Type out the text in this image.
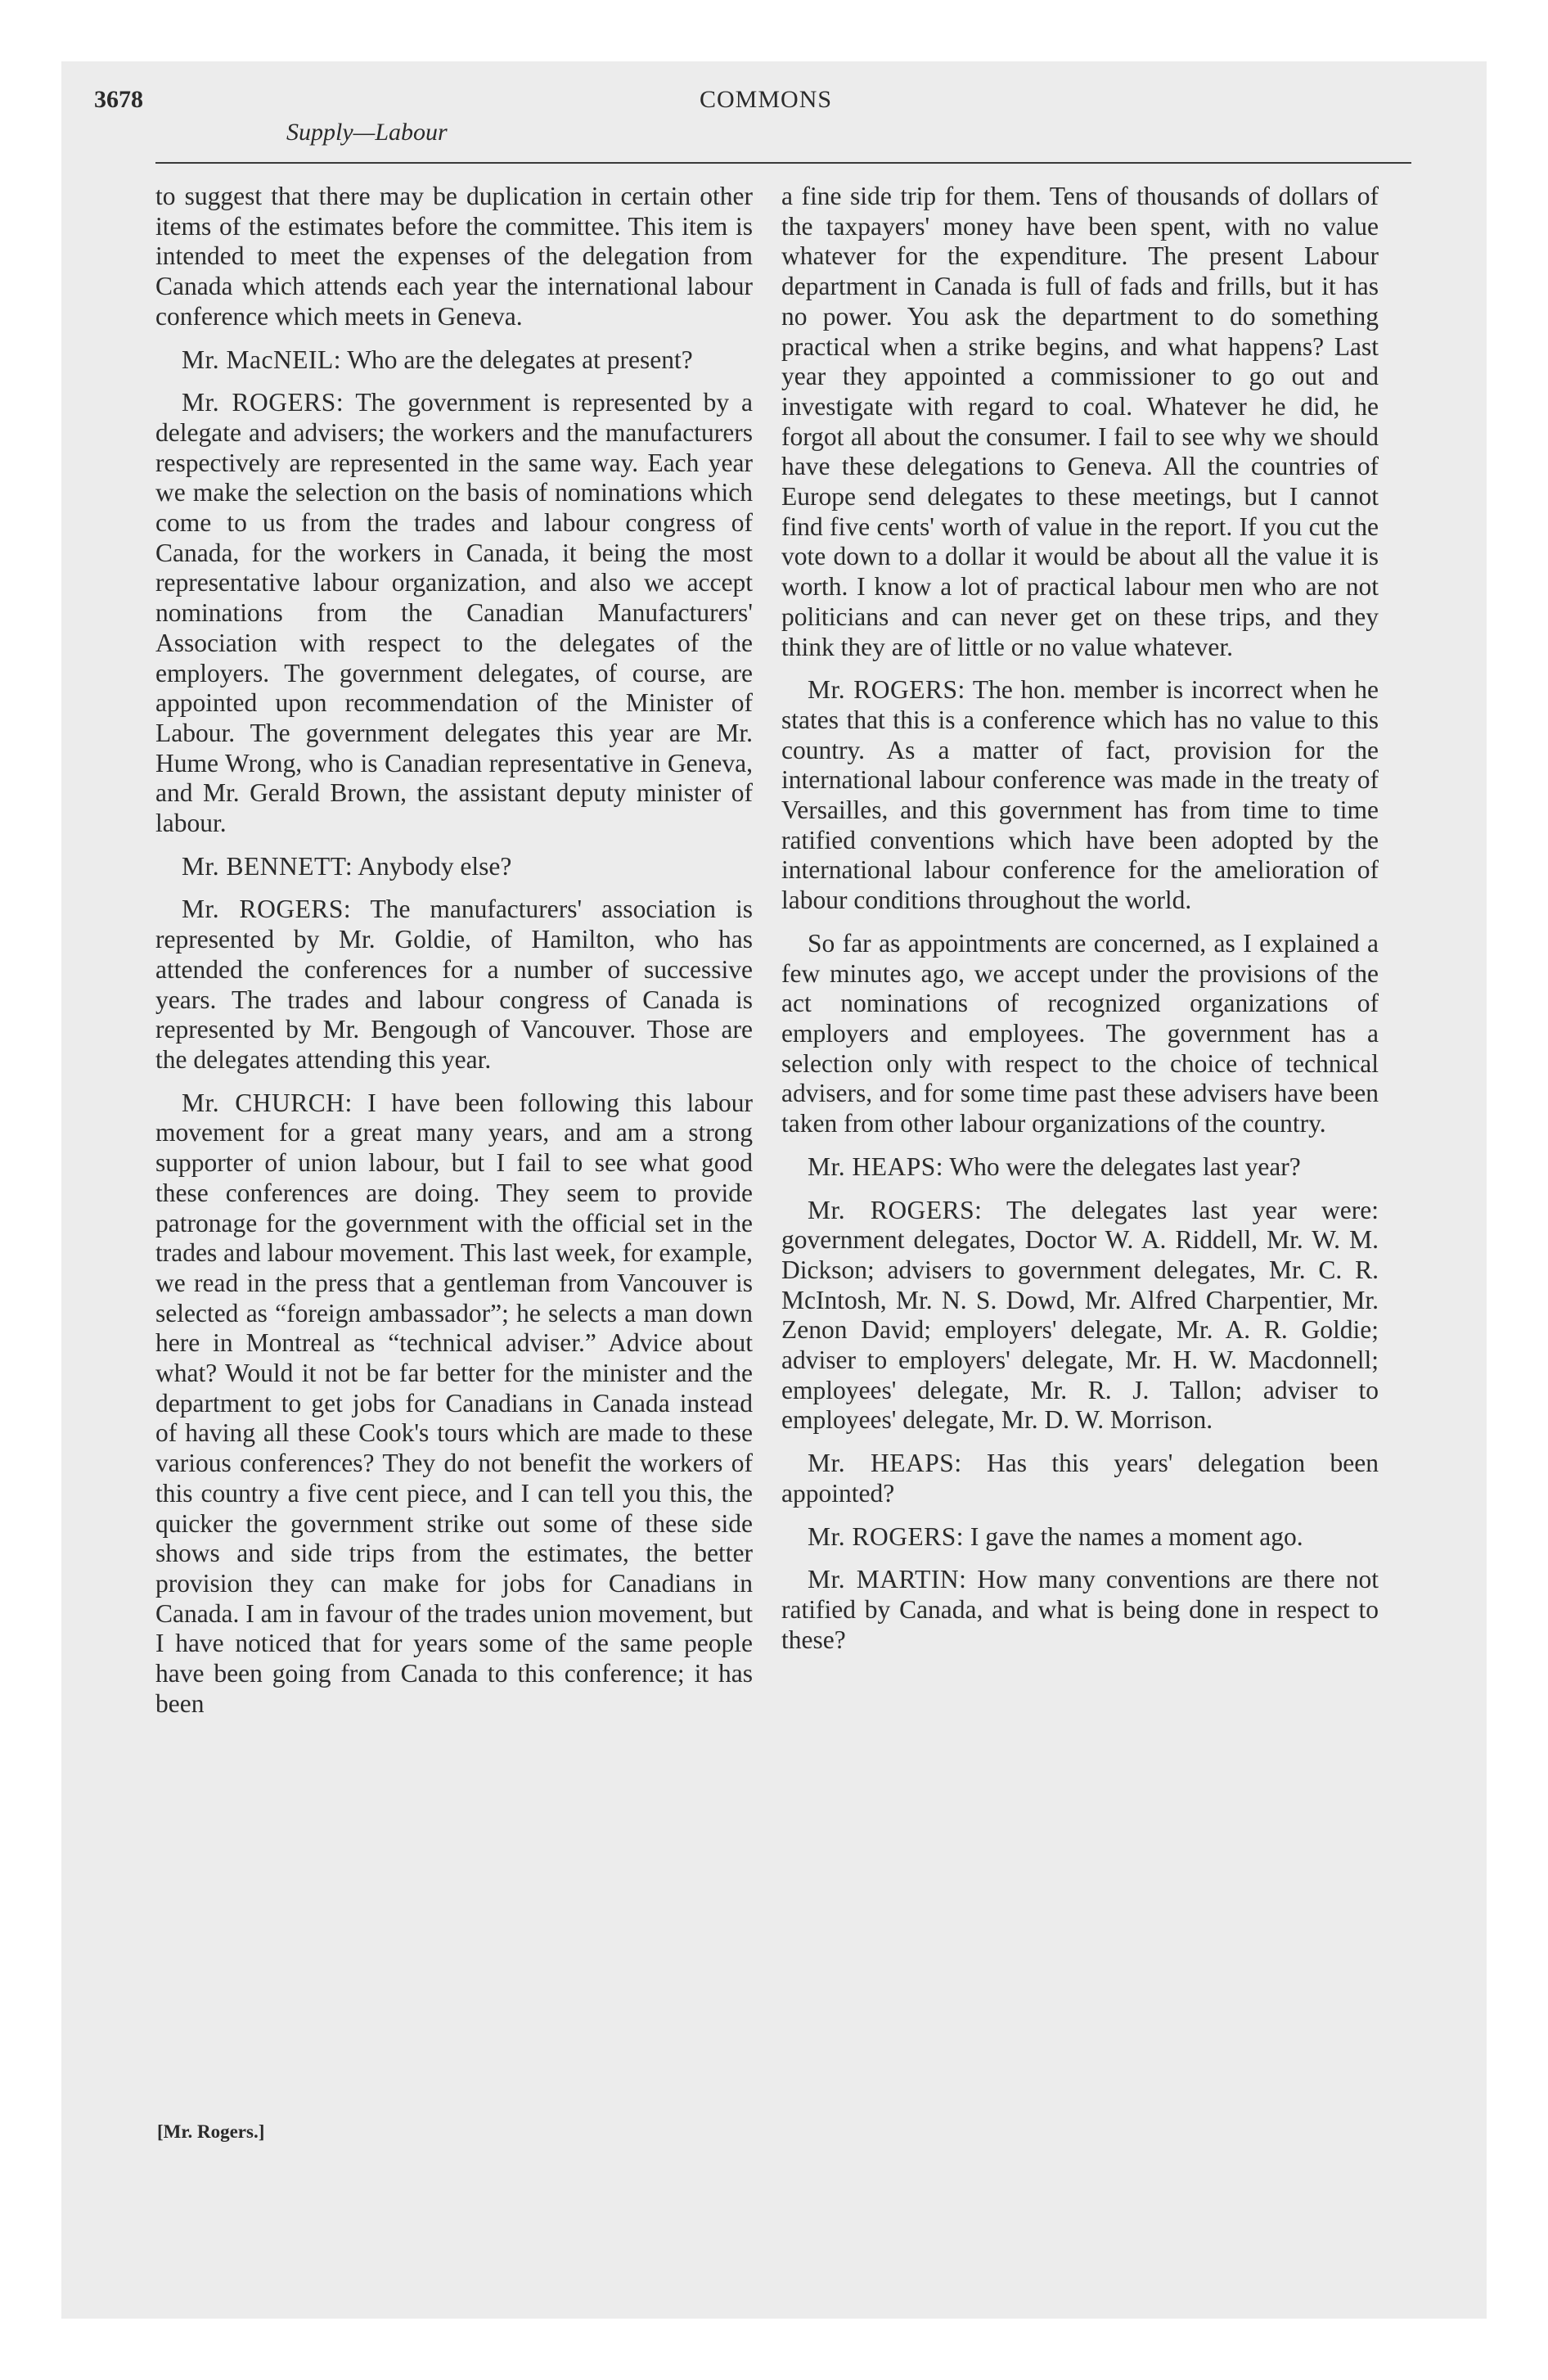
3678
Supply—Labour
COMMONS

to suggest that there may be duplication in certain other items of the estimates before the committee. This item is intended to meet the expenses of the delegation from Canada which attends each year the international labour conference which meets in Geneva.

Mr. MacNEIL: Who are the delegates at present?

Mr. ROGERS: The government is represented by a delegate and advisers; the workers and the manufacturers respectively are represented in the same way. Each year we make the selection on the basis of nominations which come to us from the trades and labour congress of Canada, for the workers in Canada, it being the most representative labour organization, and also we accept nominations from the Canadian Manufacturers' Association with respect to the delegates of the employers. The government delegates, of course, are appointed upon recommendation of the Minister of Labour. The government delegates this year are Mr. Hume Wrong, who is Canadian representative in Geneva, and Mr. Gerald Brown, the assistant deputy minister of labour.

Mr. BENNETT: Anybody else?

Mr. ROGERS: The manufacturers' association is represented by Mr. Goldie, of Hamilton, who has attended the conferences for a number of successive years. The trades and labour congress of Canada is represented by Mr. Bengough of Vancouver. Those are the delegates attending this year.

Mr. CHURCH: I have been following this labour movement for a great many years, and am a strong supporter of union labour, but I fail to see what good these conferences are doing. They seem to provide patronage for the government with the official set in the trades and labour movement. This last week, for example, we read in the press that a gentleman from Vancouver is selected as “foreign ambassador”; he selects a man down here in Montreal as “technical adviser.” Advice about what? Would it not be far better for the minister and the department to get jobs for Canadians in Canada instead of having all these Cook's tours which are made to these various conferences? They do not benefit the workers of this country a five cent piece, and I can tell you this, the quicker the government strike out some of these side shows and side trips from the estimates, the better provision they can make for jobs for Canadians in Canada. I am in favour of the trades union movement, but I have noticed that for years some of the same people have been going from Canada to this conference; it has been

a fine side trip for them. Tens of thousands of dollars of the taxpayers' money have been spent, with no value whatever for the expenditure. The present Labour department in Canada is full of fads and frills, but it has no power. You ask the department to do something practical when a strike begins, and what happens? Last year they appointed a commissioner to go out and investigate with regard to coal. Whatever he did, he forgot all about the consumer. I fail to see why we should have these delegations to Geneva. All the countries of Europe send delegates to these meetings, but I cannot find five cents' worth of value in the report. If you cut the vote down to a dollar it would be about all the value it is worth. I know a lot of practical labour men who are not politicians and can never get on these trips, and they think they are of little or no value whatever.

Mr. ROGERS: The hon. member is incorrect when he states that this is a conference which has no value to this country. As a matter of fact, provision for the international labour conference was made in the treaty of Versailles, and this government has from time to time ratified conventions which have been adopted by the international labour conference for the amelioration of labour conditions throughout the world.

So far as appointments are concerned, as I explained a few minutes ago, we accept under the provisions of the act nominations of recognized organizations of employers and employees. The government has a selection only with respect to the choice of technical advisers, and for some time past these advisers have been taken from other labour organizations of the country.

Mr. HEAPS: Who were the delegates last year?

Mr. ROGERS: The delegates last year were: government delegates, Doctor W. A. Riddell, Mr. W. M. Dickson; advisers to government delegates, Mr. C. R. McIntosh, Mr. N. S. Dowd, Mr. Alfred Charpentier, Mr. Zenon David; employers' delegate, Mr. A. R. Goldie; adviser to employers' delegate, Mr. H. W. Macdonnell; employees' delegate, Mr. R. J. Tallon; adviser to employees' delegate, Mr. D. W. Morrison.

Mr. HEAPS: Has this years' delegation been appointed?

Mr. ROGERS: I gave the names a moment ago.

Mr. MARTIN: How many conventions are there not ratified by Canada, and what is being done in respect to these?

[Mr. Rogers.]
